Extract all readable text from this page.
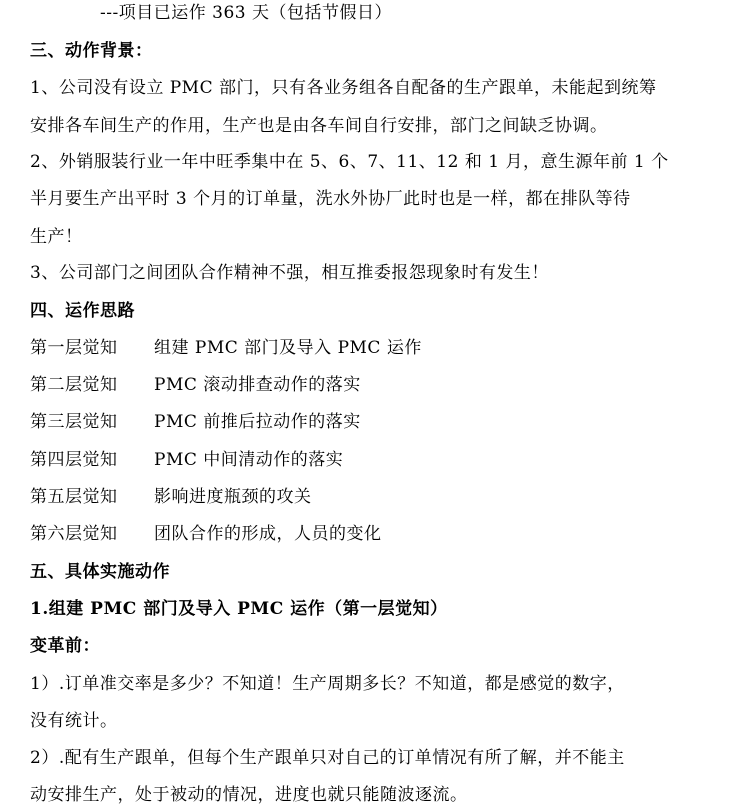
---项目已运作 363 天（包括节假日）
三、动作背景：
1、公司没有设立 PMC 部门，只有各业务组各自配备的生产跟单，未能起到统筹
安排各车间生产的作用，生产也是由各车间自行安排，部门之间缺乏协调。
2、外销服装行业一年中旺季集中在 5、6、7、11、12 和 1 月，意生源年前 1 个
半月要生产出平时 3 个月的订单量，洗水外协厂此时也是一样，都在排队等待
生产！
3、公司部门之间团队合作精神不强，相互推委报怨现象时有发生！
四、运作思路
第一层觉知 组建 PMC 部门及导入 PMC 运作
第二层觉知 PMC 滚动排查动作的落实
第三层觉知 PMC 前推后拉动作的落实
第四层觉知 PMC 中间清动作的落实
第五层觉知 影响进度瓶颈的攻关
第六层觉知 团队合作的形成，人员的变化
五、具体实施动作
1.组建 PMC 部门及导入 PMC 运作（第一层觉知）
变革前：
1）.订单准交率是多少？不知道！生产周期多长？不知道，都是感觉的数字，
没有统计。
2）.配有生产跟单，但每个生产跟单只对自己的订单情况有所了解，并不能主
动安排生产，处于被动的情况，进度也就只能随波逐流。
